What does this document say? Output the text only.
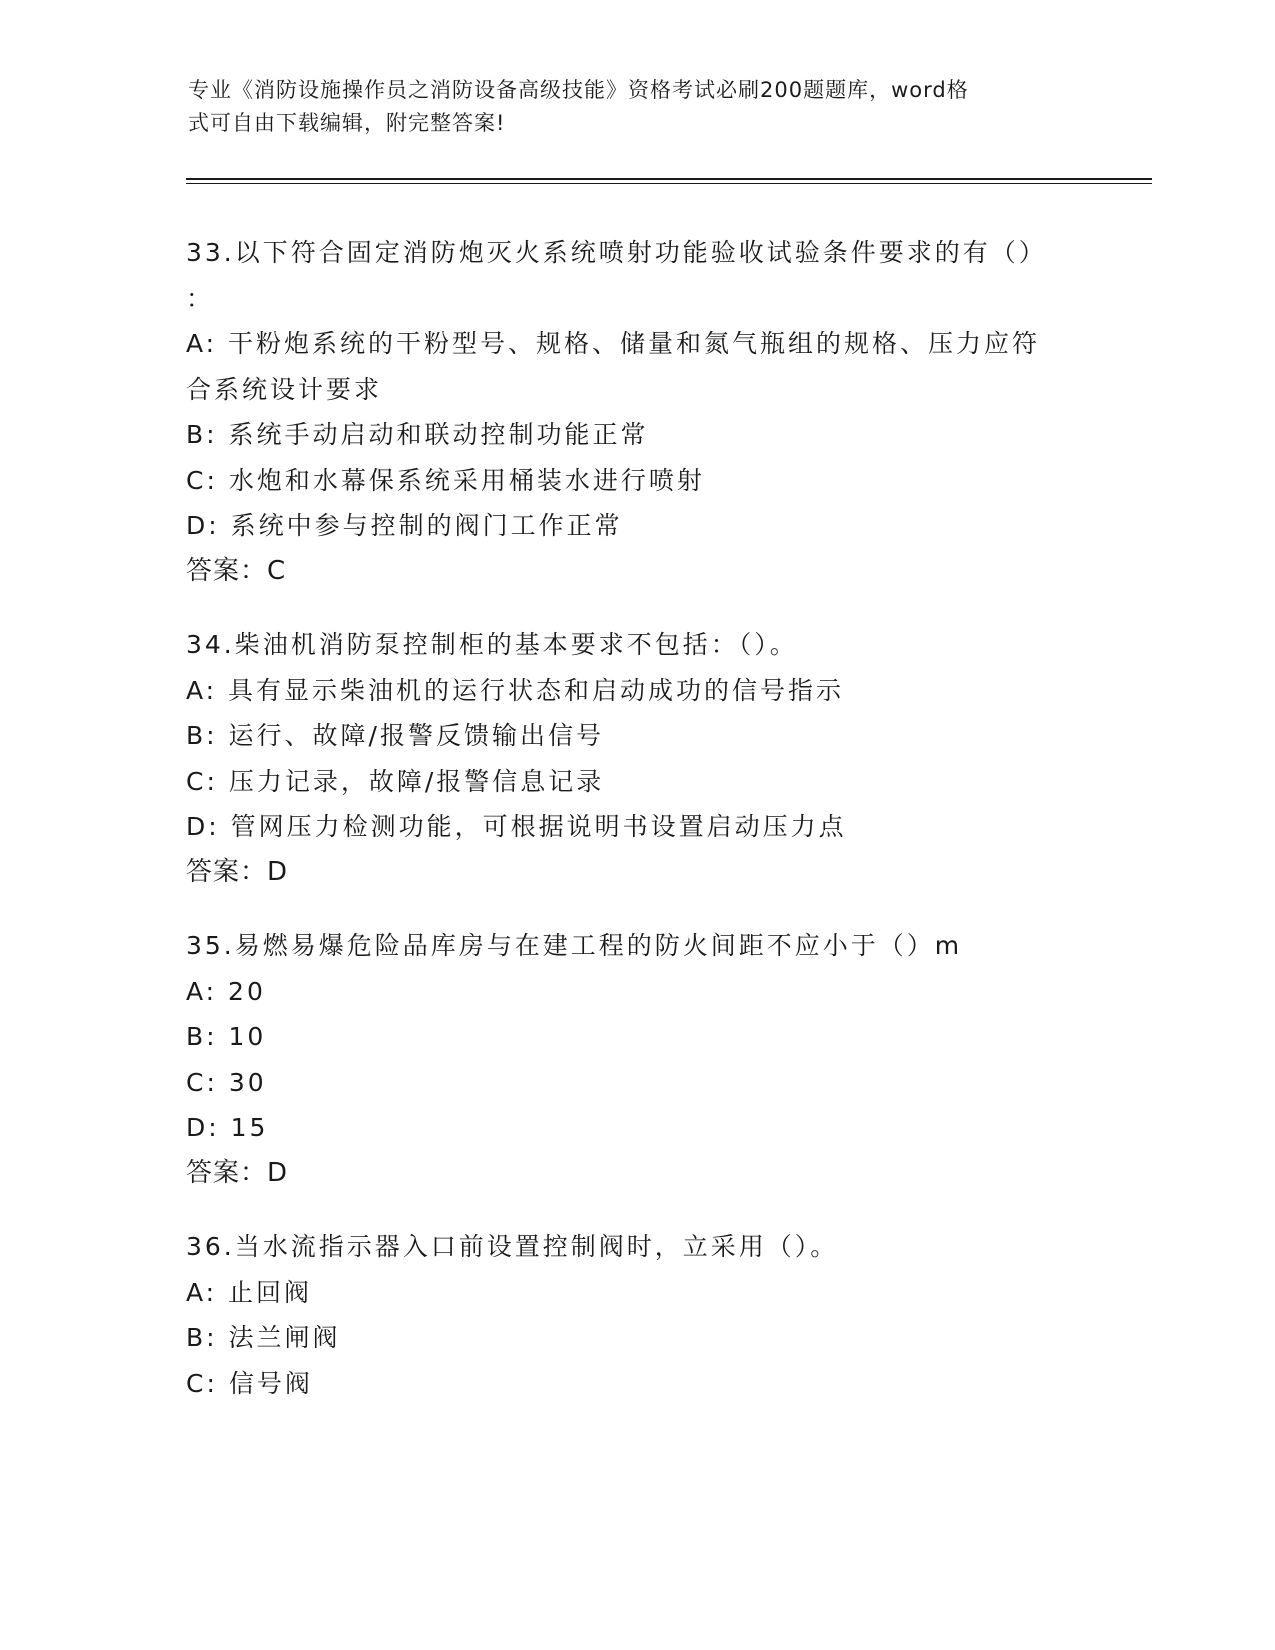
专业《消防设施操作员之消防设备高级技能》资格考试必刷200题题库，word格
式可自由下载编辑，附完整答案!
33.以下符合固定消防炮灭火系统喷射功能验收试验条件要求的有（）
：
A: 干粉炮系统的干粉型号、规格、储量和氮气瓶组的规格、压力应符
合系统设计要求
B: 系统手动启动和联动控制功能正常
C: 水炮和水幕保系统采用桶装水进行喷射
D: 系统中参与控制的阀门工作正常
答案：C
34.柴油机消防泵控制柜的基本要求不包括：（）。
A: 具有显示柴油机的运行状态和启动成功的信号指示
B: 运行、故障/报警反馈输出信号
C: 压力记录，故障/报警信息记录
D: 管网压力检测功能，可根据说明书设置启动压力点
答案：D
35.易燃易爆危险品库房与在建工程的防火间距不应小于（）m
A: 20
B: 10
C: 30
D: 15
答案：D
36.当水流指示器入口前设置控制阀时，立采用（）。
A: 止回阀
B: 法兰闸阀
C: 信号阀
